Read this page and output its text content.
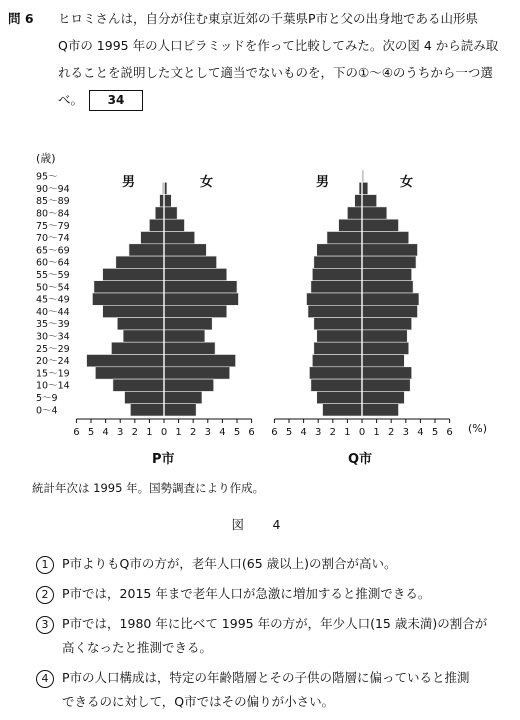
問 6 ヒロミさんは，自分が住む東京近郊の千葉県P市と父の出身地である山形県
Q市の 1995 年の人口ピラミッドを作って比較してみた。次の図 4 から読み取
れることを説明した文として適当でないものを，下の①～④のうちから一つ選
べ。 34
(歳)
95～
90～94
85～89
80～84
75～79
70～74
65～69
60～64
55～59
50～54
45～49
40～44
35～39
30～34
25～29
20～24
15～19
10～14
5～9
0～4
6 5 4 3 2 1 0 1 2 3 4 5 6 6 5 4 3 2 1 0 1 2 3 4 5 6 (%)
男	女	男	女
P市	Q市
統計年次は 1995 年。国勢調査により作成。
図　4
1 P市よりもQ市の方が，老年人口(65 歳以上)の割合が高い。
2 P市では，2015 年まで老年人口が急激に増加すると推測できる。
3 P市では，1980 年に比べて 1995 年の方が，年少人口(15 歳未満)の割合が
高くなったと推測できる。
4 P市の人口構成は，特定の年齢階層とその子供の階層に偏っていると推測
できるのに対して，Q市ではその偏りが小さい。
